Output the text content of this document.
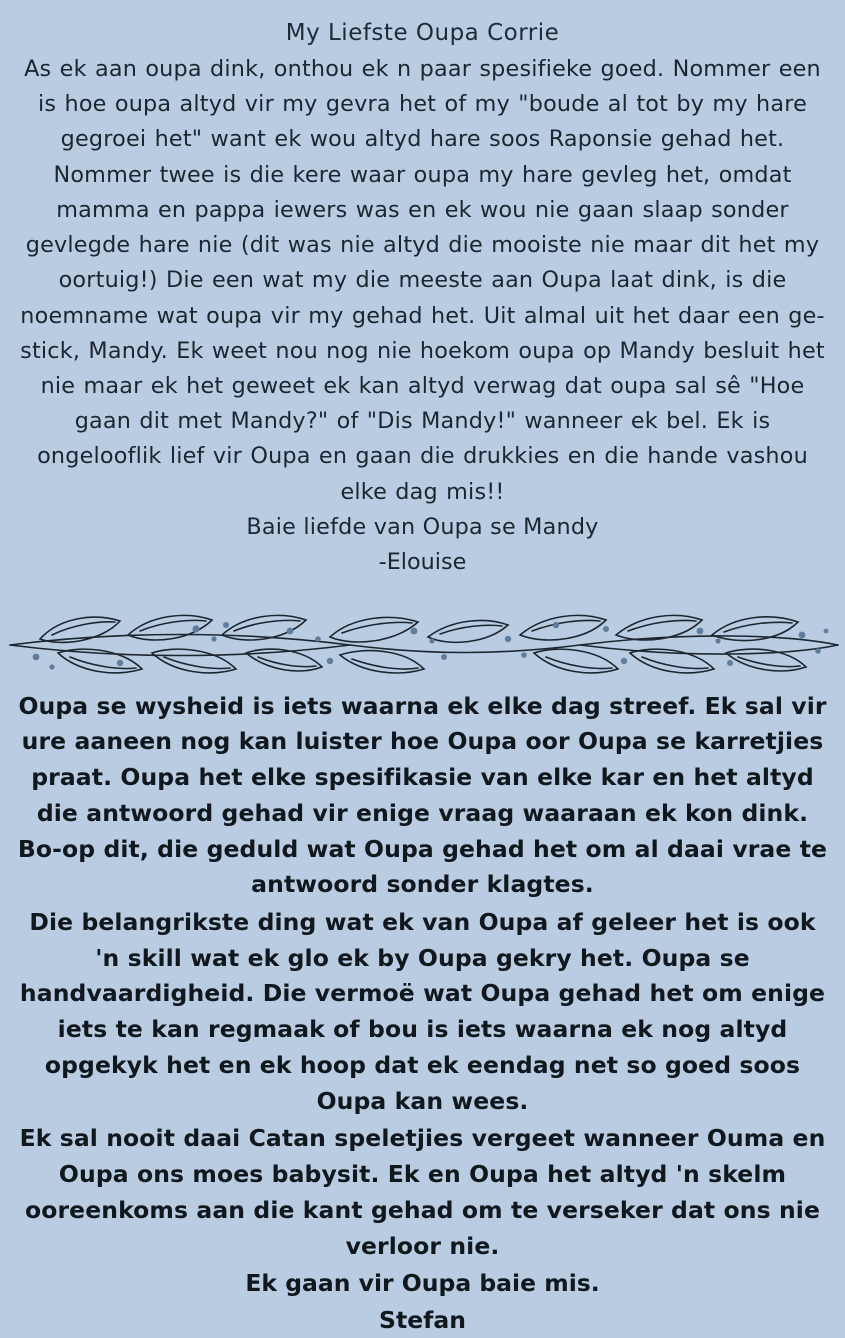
My Liefste Oupa Corrie
As ek aan oupa dink, onthou ek n paar spesifieke goed. Nommer een is hoe oupa altyd vir my gevra het of my "boude al tot by my hare gegroei het" want ek wou altyd hare soos Raponsie gehad het. Nommer twee is die kere waar oupa my hare gevleg het, omdat mamma en pappa iewers was en ek wou nie gaan slaap sonder gevlegde hare nie (dit was nie altyd die mooiste nie maar dit het my oortuig!) Die een wat my die meeste aan Oupa laat dink, is die noemname wat oupa vir my gehad het. Uit almal uit het daar een ge-stick, Mandy. Ek weet nou nog nie hoekom oupa op Mandy besluit het nie maar ek het geweet ek kan altyd verwag dat oupa sal sê "Hoe gaan dit met Mandy?" of "Dis Mandy!" wanneer ek bel. Ek is ongelooflik lief vir Oupa en gaan die drukkies en die hande vashou elke dag mis!!
Baie liefde van Oupa se Mandy
-Elouise
Oupa se wysheid is iets waarna ek elke dag streef. Ek sal vir ure aaneen nog kan luister hoe Oupa oor Oupa se karretjies praat. Oupa het elke spesifikasie van elke kar en het altyd die antwoord gehad vir enige vraag waaraan ek kon dink. Bo-op dit, die geduld wat Oupa gehad het om al daai vrae te antwoord sonder klagtes.
Die belangrikste ding wat ek van Oupa af geleer het is ook 'n skill wat ek glo ek by Oupa gekry het. Oupa se handvaardigheid. Die vermoë wat Oupa gehad het om enige iets te kan regmaak of bou is iets waarna ek nog altyd opgekyk het en ek hoop dat ek eendag net so goed soos Oupa kan wees.
Ek sal nooit daai Catan speletjies vergeet wanneer Ouma en Oupa ons moes babysit. Ek en Oupa het altyd 'n skelm ooreenkoms aan die kant gehad om te verseker dat ons nie verloor nie.
Ek gaan vir Oupa baie mis.
Stefan
